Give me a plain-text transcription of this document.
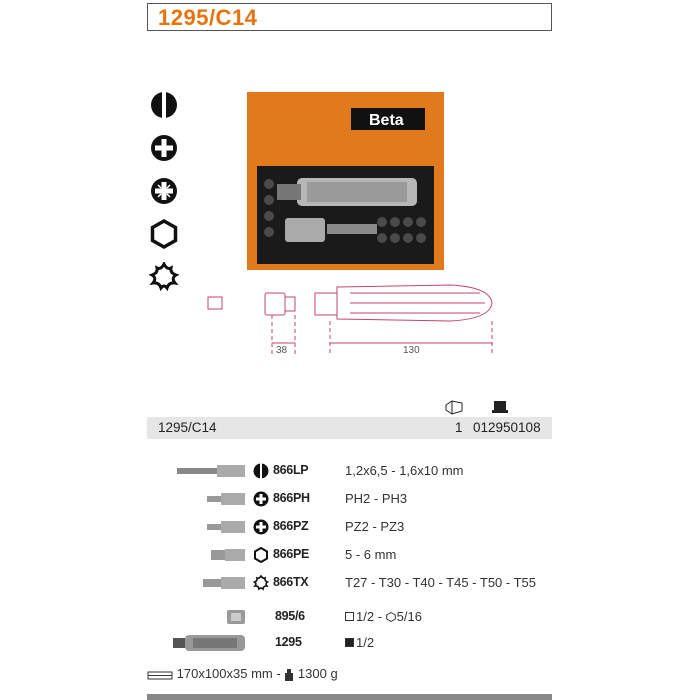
1295/C14
Beta
38	130
1295/C14	1 012950108
866LP	1,2x6,5 - 1,6x10 mm
866PH	PH2 - PH3
866PZ	PZ2 - PZ3
866PE	5 - 6 mm
866TX	T27 - T30 - T40 - T45 - T50 - T55
895/6	1/2 - 5/16
1295	1/2
170x100x35 mm -  1300 g
